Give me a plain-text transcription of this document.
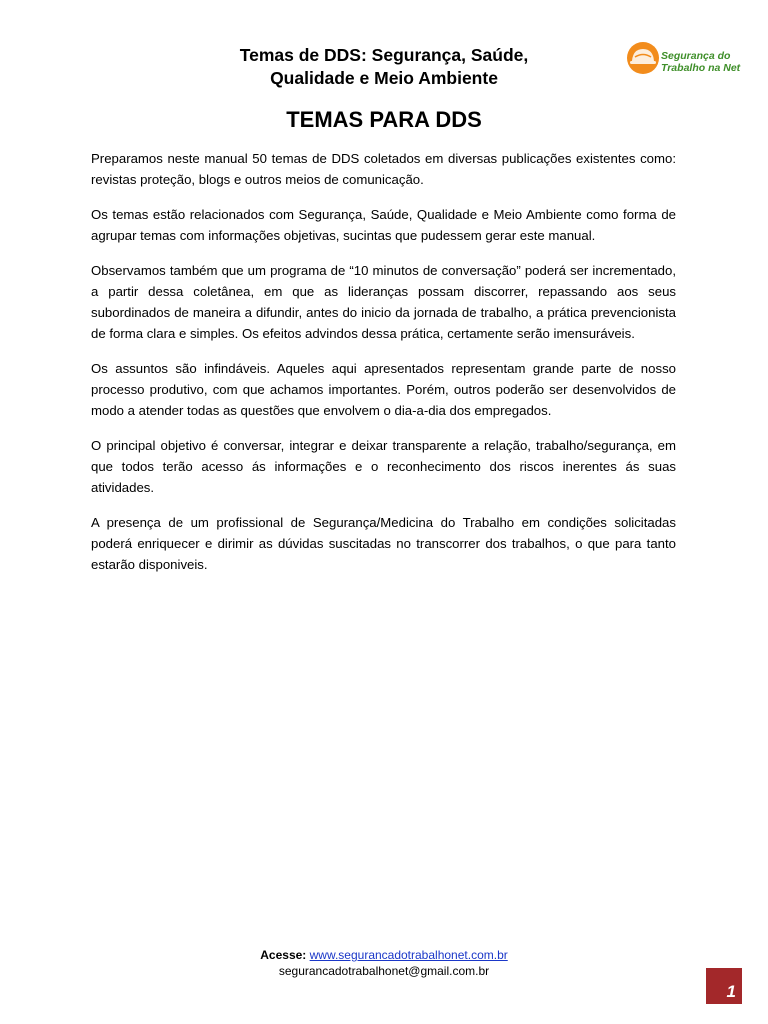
Temas de DDS: Segurança, Saúde,
Qualidade e Meio Ambiente
Segurança do
Trabalho na Net
TEMAS PARA DDS

Preparamos neste manual 50 temas de DDS coletados em diversas publicações existentes como: revistas proteção, blogs e outros meios de comunicação.

Os temas estão relacionados com Segurança, Saúde, Qualidade e Meio Ambiente como forma de agrupar temas com informações objetivas, sucintas que pudessem gerar este manual.

Observamos também que um programa de “10 minutos de conversação” poderá ser incrementado, a partir dessa coletânea, em que as lideranças possam discorrer, repassando aos seus subordinados de maneira a difundir, antes do inicio da jornada de trabalho, a prática prevencionista de forma clara e simples. Os efeitos advindos dessa prática, certamente serão imensuráveis.

Os assuntos são infindáveis. Aqueles aqui apresentados representam grande parte de nosso processo produtivo, com que achamos importantes. Porém, outros poderão ser desenvolvidos de modo a atender todas as questões que envolvem o dia-a-dia dos empregados.

O principal objetivo é conversar, integrar e deixar transparente a relação, trabalho/segurança, em que todos terão acesso ás informações e o reconhecimento dos riscos inerentes ás suas atividades.

A presença de um profissional de Segurança/Medicina do Trabalho em condições solicitadas poderá enriquecer e dirimir as dúvidas suscitadas no transcorrer dos trabalhos, o que para tanto estarão disponiveis.

Acesse: www.segurancadotrabalhonet.com.br
segurancadotrabalhonet@gmail.com.br
1
